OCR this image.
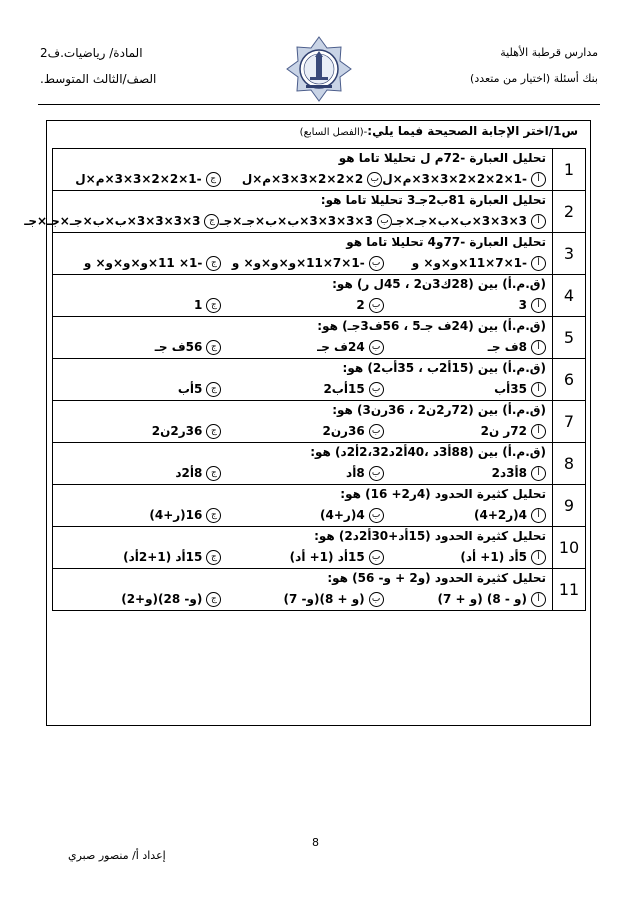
مدارس قرطبة الأهلية
بنك أسئلة (اختيار من متعدد)
المادة/ رياضيات.ف2
الصف/الثالث المتوسط.
س1/اختر الإجابة الصحيحة فيما يلي:-(الفصل السابع)
1	تحليل العبارة -72م ل تحليلا تاما هو
أ-1×2×2×2×3×3×م×ل
ب2×2×2×3×3×م×ل
ج-1×2×2×3×3×م×ل

2	تحليل العبارة 81ب2جـ3 تحليلا تاما هو:
أ3×3×3×ب×ب×جـ×جـ
ب3×3×3×3×ب×ب×جـ×جـ
ج3×3×3×3×ب×ب×جـ×جـ×جـ

3	تحليل العبارة -77و4 تحليلا تاما هو
أ-1×7×11×و×و× و
ب-1×7×11×و×و×و× و
ج-1× 11×و×و×و× و

4	(ق.م.أ) بين (28ك3ن2 ، 45ل ر) هو:
أ3
ب2
ج1

5	(ق.م.أ) بين (24ف جـ5 ، 56ف3جـ) هو:
أ8ف جـ
ب24ف جـ
ج56ف جـ

6	(ق.م.أ) بين (15أ2ب ، 35أب2) هو:
أ35أب
ب15أب2
ج5أب

7	(ق.م.أ) بين (72ر2ن2 ، 36رن3) هو:
أ72ر ن2
ب36رن2
ج36ر2ن2

8	(ق.م.أ) بين (88أ3د ،40أ2د2،32أ2د) هو:
أ8أ3د2
ب8أد
ج8أ2د

9	تحليل كثيرة الحدود (4ر2+ 16) هو:
أ4(ر2+4)
ب4(ر+4)
ج16(ر+4)

10	تحليل كثيرة الحدود (15أد+30أ2د2) هو:
أ5أد (1+ أد)
ب15أد (1+ أد)
ج15أد (1+2أد)

11	تحليل كثيرة الحدود (و2 + و- 56) هو:
أ(و - 8) (و + 7)
ب(و + 8)(و- 7)
ج(و- 28)(و+2)
8
إعداد أ/ منصور صبري
